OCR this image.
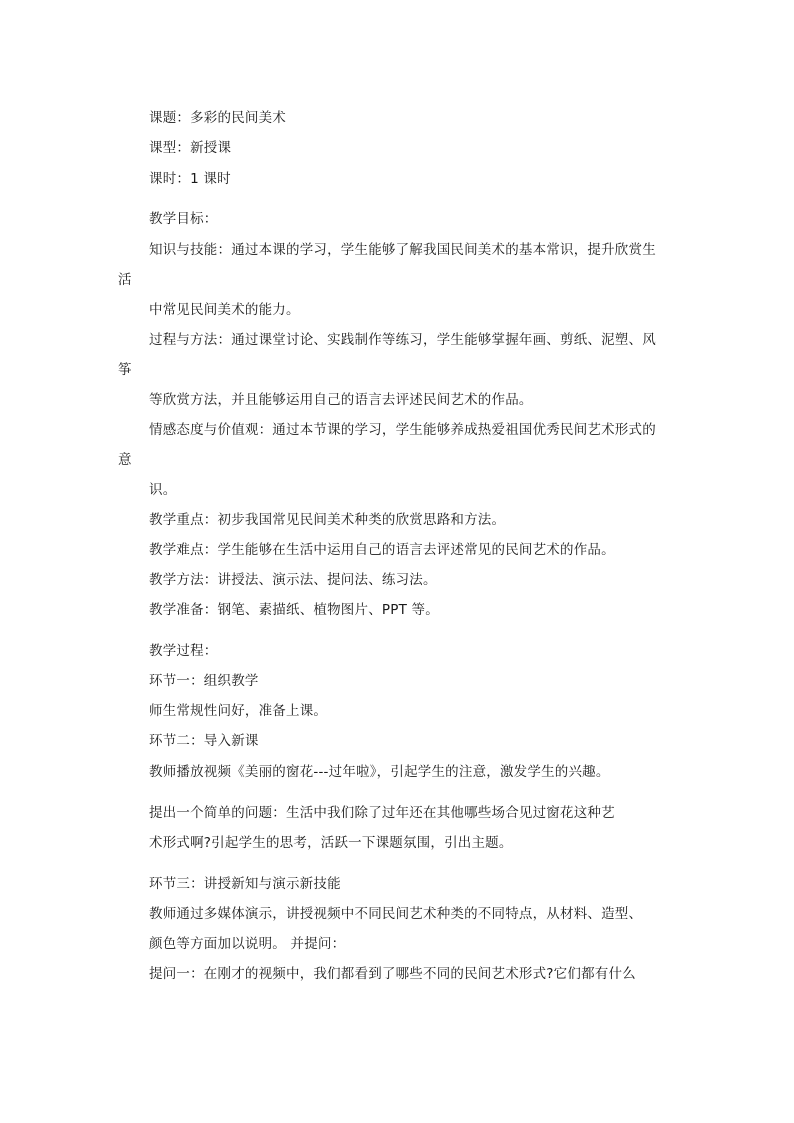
课题：多彩的民间美术
课型：新授课
课时：1 课时
教学目标：
知识与技能：通过本课的学习，学生能够了解我国民间美术的基本常识，提升欣赏生
活
中常见民间美术的能力。
过程与方法：通过课堂讨论、实践制作等练习，学生能够掌握年画、剪纸、泥塑、风
筝
等欣赏方法，并且能够运用自己的语言去评述民间艺术的作品。
情感态度与价值观：通过本节课的学习，学生能够养成热爱祖国优秀民间艺术形式的
意
识。
教学重点：初步我国常见民间美术种类的欣赏思路和方法。
教学难点：学生能够在生活中运用自己的语言去评述常见的民间艺术的作品。
教学方法：讲授法、演示法、提问法、练习法。
教学准备：钢笔、素描纸、植物图片、PPT 等。
教学过程：
环节一：组织教学
师生常规性问好，准备上课。
环节二：导入新课
教师播放视频《美丽的窗花---过年啦》，引起学生的注意，激发学生的兴趣。
提出一个简单的问题：生活中我们除了过年还在其他哪些场合见过窗花这种艺
术形式啊?引起学生的思考，活跃一下课题氛围，引出主题。
环节三：讲授新知与演示新技能
教师通过多媒体演示，讲授视频中不同民间艺术种类的不同特点，从材料、造型、
颜色等方面加以说明。 并提问：
提问一：在刚才的视频中，我们都看到了哪些不同的民间艺术形式?它们都有什么
